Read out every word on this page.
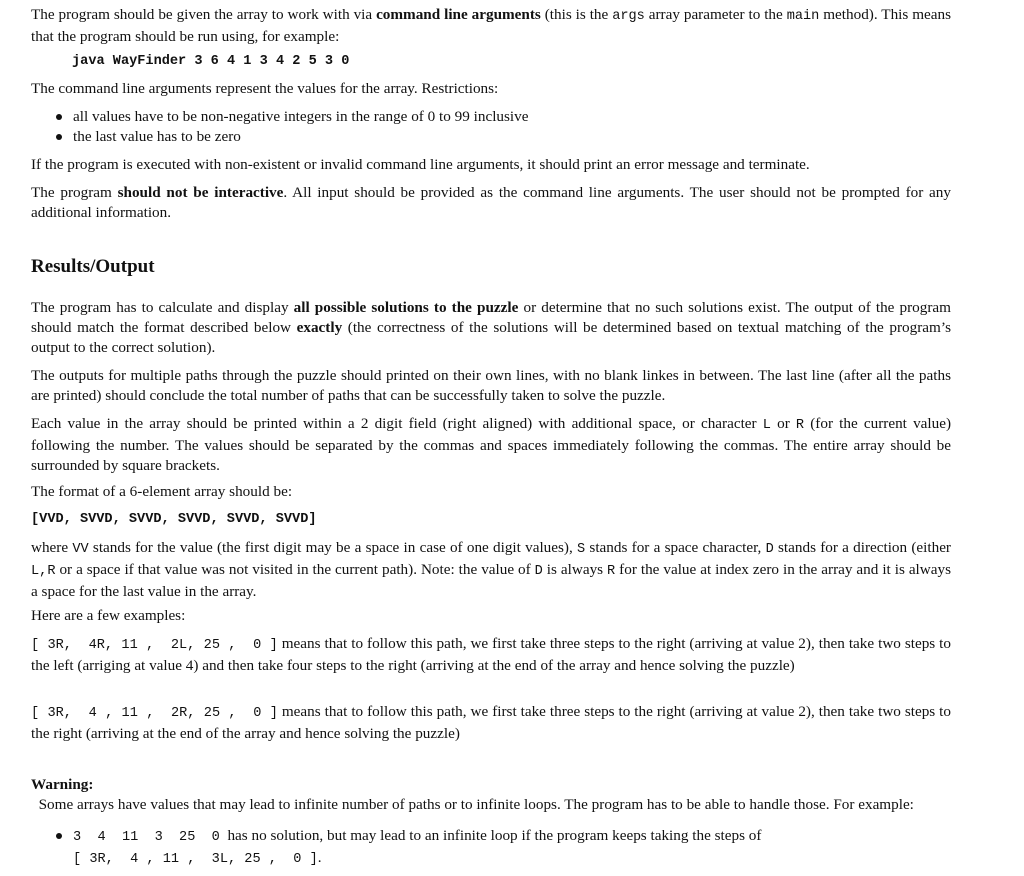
The program should be given the array to work with via command line arguments (this is the args array parameter to the main method). This means that the program should be run using, for example:

java WayFinder 3 6 4 1 3 4 2 5 3 0

The command line arguments represent the values for the array. Restrictions:

all values have to be non-negative integers in the range of 0 to 99 inclusive
the last value has to be zero

If the program is executed with non-existent or invalid command line arguments, it should print an error message and terminate.

The program should not be interactive. All input should be provided as the command line arguments. The user should not be prompted for any additional information.

Results/Output

The program has to calculate and display all possible solutions to the puzzle or determine that no such solutions exist. The output of the program should match the format described below exactly (the correctness of the solutions will be determined based on textual matching of the program’s output to the correct solution).

The outputs for multiple paths through the puzzle should printed on their own lines, with no blank linkes in between. The last line (after all the paths are printed) should conclude the total number of paths that can be successfully taken to solve the puzzle.

Each value in the array should be printed within a 2 digit field (right aligned) with additional space, or character L or R (for the current value) following the number. The values should be separated by the commas and spaces immediately following the commas. The entire array should be surrounded by square brackets.

The format of a 6-element array should be:

[VVD, SVVD, SVVD, SVVD, SVVD, SVVD]

where VV stands for the value (the first digit may be a space in case of one digit values), S stands for a space character, D stands for a direction (either L,R or a space if that value was not visited in the current path). Note: the value of D is always R for the value at index zero in the array and it is always a space for the last value in the array.

Here are a few examples:

[ 3R,  4R, 11 ,  2L, 25 ,  0 ] means that to follow this path, we first take three steps to the right (arriving at value 2), then take two steps to the left (arriging at value 4) and then take four steps to the right (arriving at the end of the array and hence solving the puzzle)

[ 3R,  4 , 11 ,  2R, 25 ,  0 ] means that to follow this path, we first take three steps to the right (arriving at value 2), then take two steps to the right (arriving at the end of the array and hence solving the puzzle)

Warning:  Some arrays have values that may lead to infinite number of paths or to infinite loops. The program has to be able to handle those. For example:

3  4  11  3  25  0  has no solution, but may lead to an infinite loop if the program keeps taking the steps of
[ 3R,  4 , 11 ,  3L, 25 ,  0 ].
